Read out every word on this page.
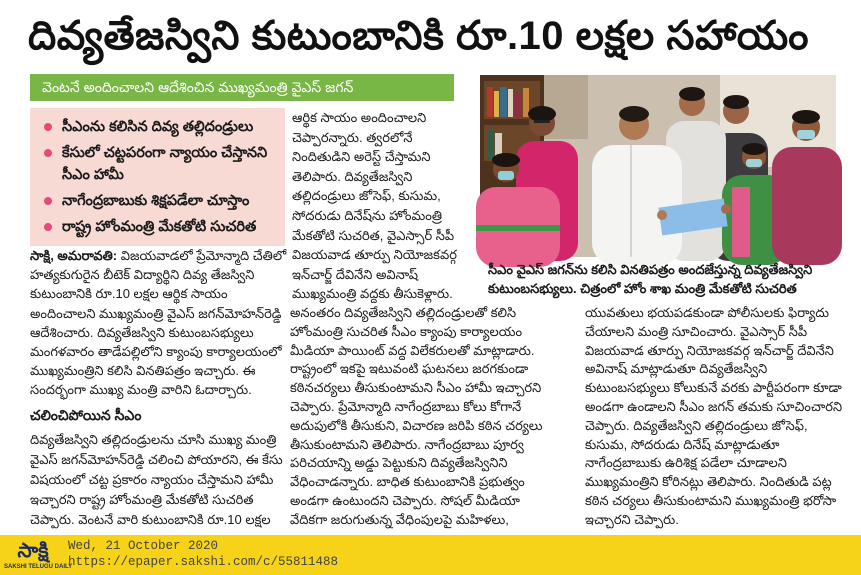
దివ్యతేజస్విని కుటుంబానికి రూ.10 లక్షల సహాయం
వెంటనే అందించాలని ఆదేశించిన ముఖ్యమంత్రి వైఎస్ జగన్
సీఎంను కలిసిన దివ్య తల్లిదండ్రులు
కేసులో చట్టపరంగా న్యాయం చేస్తానని సీఎం హామీ
నాగేంద్రబాబుకు శిక్షపడేలా చూస్తాం
రాష్ట్ర హోంమంత్రి మేకతోటి సుచరిత
సాక్షి, అమరావతి: విజయవాడలో ప్రేమోన్మాది చేతిలో
హత్యకుగురైన బీటెక్ విద్యార్థిని దివ్య తేజస్విని
కుటుంబానికి రూ.10 లక్షల ఆర్థిక సాయం
అందించాలని ముఖ్యమంత్రి వైఎస్ జగన్‌మోహన్‌రెడ్డి
ఆదేశించారు. దివ్యతేజస్విని కుటుంబసభ్యులు
మంగళవారం తాడేపల్లిలోని క్యాంపు కార్యాలయంలో
ముఖ్యమంత్రిని కలిసి వినతిపత్రం ఇచ్చారు. ఈ
సందర్భంగా ముఖ్య మంత్రి వారిని ఓదార్చారు.
చలించిపోయిన సీఎం
దివ్యతేజస్విని తల్లిదండ్రులను చూసి ముఖ్య మంత్రి
వైఎస్ జగన్‌మోహన్‌రెడ్డి చలించి పోయారని, ఈ కేసు
విషయంలో చట్ట ప్రకారం న్యాయం చేస్తామని హామీ
ఇచ్చారని రాష్ట్ర హోంమంత్రి మేకతోటి సుచరిత
చెప్పారు. వెంటనే వారి కుటుంబానికి రూ.10 లక్షల
ఆర్థిక సాయం అందించాలని
చెప్పారన్నారు. త్వరలోనే
నిందితుడిని అరెస్ట్ చేస్తామని
తెలిపారు. దివ్యతేజస్విని
తల్లిదండ్రులు జోసెఫ్, కుసుమ,
సోదరుడు దినేష్‌ను హోంమంత్రి
మేకతోటి సుచరిత, వైఎస్సార్ సీపీ
విజయవాడ తూర్పు నియోజకవర్గ
ఇన్‌చార్జ్ దేవినేని అవినాష్
ముఖ్యమంత్రి వద్దకు తీసుకెళ్లారు.
సీఎం వైఎస్ జగన్‌ను కలిసి వినతిపత్రం అందజేస్తున్న దివ్యతేజస్విని
కుటుంబసభ్యులు. చిత్రంలో హోం శాఖ మంత్రి మేకతోటి సుచరిత
అనంతరం దివ్యతేజస్విని తల్లిదండ్రులతో కలిసి
హోంమంత్రి సుచరిత సీఎం క్యాంపు కార్యాలయం
మీడియా పాయింట్ వద్ద విలేకరులతో మాట్లాడారు.
రాష్ట్రంలో ఇకపై ఇటువంటి ఘటనలు జరగకుండా
కఠినచర్యలు తీసుకుంటామని సీఎం హామీ ఇచ్చారని
చెప్పారు. ప్రేమోన్మాది నాగేంద్రబాబు కోలు కోగానే
అదుపులోకి తీసుకుని, విచారణ జరిపి కఠిన చర్యలు
తీసుకుంటామని తెలిపారు. నాగేంద్రబాబు పూర్వ
పరిచయాన్ని అడ్డు పెట్టుకుని దివ్యతేజస్వినిని
వేధించాడన్నారు. బాధిత కుటుంబానికి ప్రభుత్వం
అండగా ఉంటుందని చెప్పారు. సోషల్ మీడియా
వేదికగా జరుగుతున్న వేధింపులపై మహిళలు,
యువతులు భయపడకుండా పోలీసులకు ఫిర్యాదు
చేయాలని మంత్రి సూచించారు. వైఎస్సార్ సీపీ
విజయవాడ తూర్పు నియోజకవర్గ ఇన్‌చార్జ్ దేవినేని
అవినాష్ మాట్లాడుతూ దివ్యతేజస్విని
కుటుంబసభ్యులు కోలుకునే వరకు పార్టీపరంగా కూడా
అండగా ఉండాలని సీఎం జగన్ తమకు సూచించారని
చెప్పారు. దివ్యతేజస్విని తల్లిదండ్రులు జోసెఫ్,
కుసుమ, సోదరుడు దినేష్ మాట్లాడుతూ
నాగేంద్రబాబుకు ఉరిశిక్ష పడేలా చూడాలని
ముఖ్యమంత్రిని కోరినట్లు తెలిపారు. నిందితుడి పట్ల
కఠిన చర్యలు తీసుకుంటామని ముఖ్యమంత్రి భరోసా
ఇచ్చారని చెప్పారు.
సాక్షి
SAKSHI TELUGU DAILY
Wed, 21 October 2020
https://epaper.sakshi.com/c/55811488
